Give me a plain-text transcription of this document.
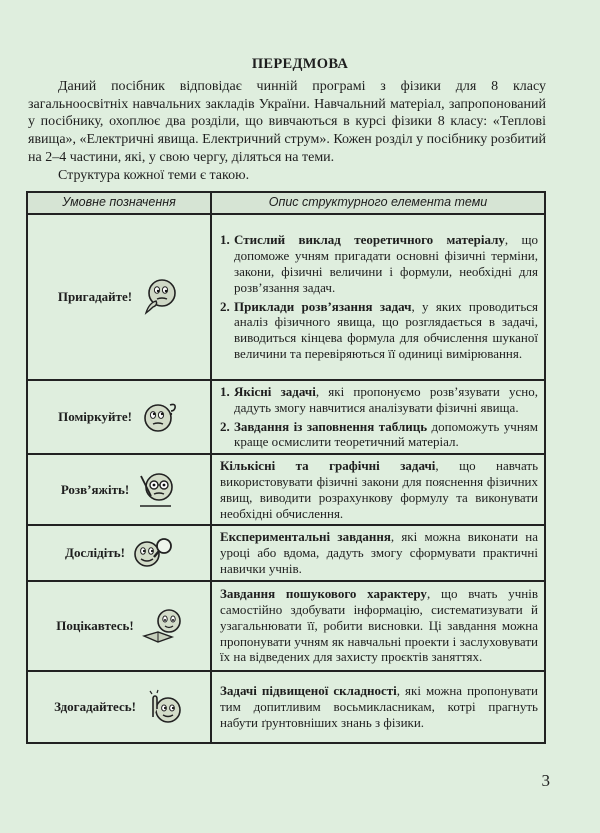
ПЕРЕДМОВА

Даний посібник відповідає чинній програмі з фізики для 8 класу загальноосвітніх навчальних закладів України. Навчальний матеріал, запропонований у посібнику, охоплює два розділи, що вивчаються в курсі фізики 8 класу: «Теплові явища», «Електричні явища. Електричний струм». Кожен розділ у посібнику розбитий на 2–4 частини, які, у свою чергу, діляться на теми.

Структура кожної теми є такою.

Умовне позначення	Опис структурного елемента теми

Пригадайте!	1. Стислий виклад теоретичного матеріалу, що допоможе учням пригадати основні фізичні терміни, закони, фізичні величини і формули, необхідні для розв’язання задач.
2. Приклади розв’язання задач, у яких проводиться аналіз фізичного явища, що розглядається в задачі, виводиться кінцева формула для обчислення шуканої величини та перевіряються її одиниці вимірювання.

Поміркуйте!	1. Якісні задачі, які пропонуємо розв’язувати усно, дадуть змогу навчитися аналізувати фізичні явища.
2. Завдання із заповнення таблиць допоможуть учням краще осмислити теоретичний матеріал.

Розв’яжіть!	Кількісні та графічні задачі, що навчать використовувати фізичні закони для пояснення фізичних явищ, виводити розрахункову формулу та виконувати необхідні обчислення.

Дослідіть!	Експериментальні завдання, які можна виконати на уроці або вдома, дадуть змогу сформувати практичні навички учнів.

Поцікавтесь!	Завдання пошукового характеру, що вчать учнів самостійно здобувати інформацію, систематизувати й узагальнювати її, робити висновки. Ці завдання можна пропонувати учням як навчальні проекти і заслуховувати їх на відведених для захисту проєктів заняттях.

Здогадайтесь!	Задачі підвищеної складності, які можна пропонувати тим допитливим восьмикласникам, котрі прагнуть набути ґрунтовніших знань з фізики.
3
